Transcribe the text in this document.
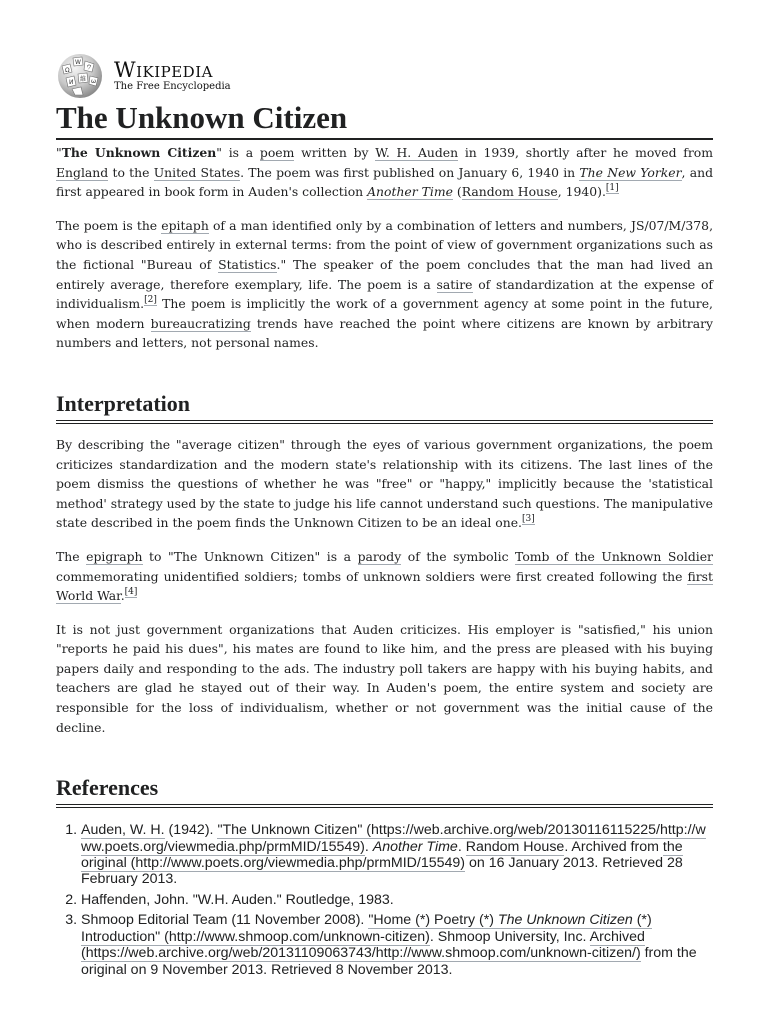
Ω
W
ウ
И 維 ω Wikipedia
The Free Encyclopedia
The Unknown Citizen

"The Unknown Citizen" is a poem written by W. H. Auden in 1939, shortly after he moved from England to the United States. The poem was first published on January 6, 1940 in The New Yorker, and first appeared in book form in Auden's collection Another Time (Random House, 1940).[1]

The poem is the epitaph of a man identified only by a combination of letters and numbers, JS/07/M/378, who is described entirely in external terms: from the point of view of government organizations such as the fictional "Bureau of Statistics." The speaker of the poem concludes that the man had lived an entirely average, therefore exemplary, life. The poem is a satire of standardization at the expense of individualism.[2] The poem is implicitly the work of a government agency at some point in the future, when modern bureaucratizing trends have reached the point where citizens are known by arbitrary numbers and letters, not personal names.

Interpretation

By describing the "average citizen" through the eyes of various government organizations, the poem criticizes standardization and the modern state's relationship with its citizens. The last lines of the poem dismiss the questions of whether he was "free" or "happy," implicitly because the 'statistical method' strategy used by the state to judge his life cannot understand such questions. The manipulative state described in the poem finds the Unknown Citizen to be an ideal one.[3]

The epigraph to "The Unknown Citizen" is a parody of the symbolic Tomb of the Unknown Soldier commemorating unidentified soldiers; tombs of unknown soldiers were first created following the first World War.[4]

It is not just government organizations that Auden criticizes. His employer is "satisfied," his union "reports he paid his dues", his mates are found to like him, and the press are pleased with his buying papers daily and responding to the ads. The industry poll takers are happy with his buying habits, and teachers are glad he stayed out of their way. In Auden's poem, the entire system and society are responsible for the loss of individualism, whether or not government was the initial cause of the decline.

References
1. Auden, W. H. (1942). "The Unknown Citizen" (https://web.archive.org/web/20130116115225/http://www.poets.org/viewmedia.php/prmMID/15549). Another Time. Random House. Archived from the original (http://www.poets.org/viewmedia.php/prmMID/15549) on 16 January 2013. Retrieved 28 February 2013.
2. Haffenden, John. "W.H. Auden." Routledge, 1983.
3. Shmoop Editorial Team (11 November 2008). "Home (*) Poetry (*) The Unknown Citizen (*) Introduction" (http://www.shmoop.com/unknown-citizen). Shmoop University, Inc. Archived (https://web.archive.org/web/20131109063743/http://www.shmoop.com/unknown-citizen/) from the original on 9 November 2013. Retrieved 8 November 2013.
